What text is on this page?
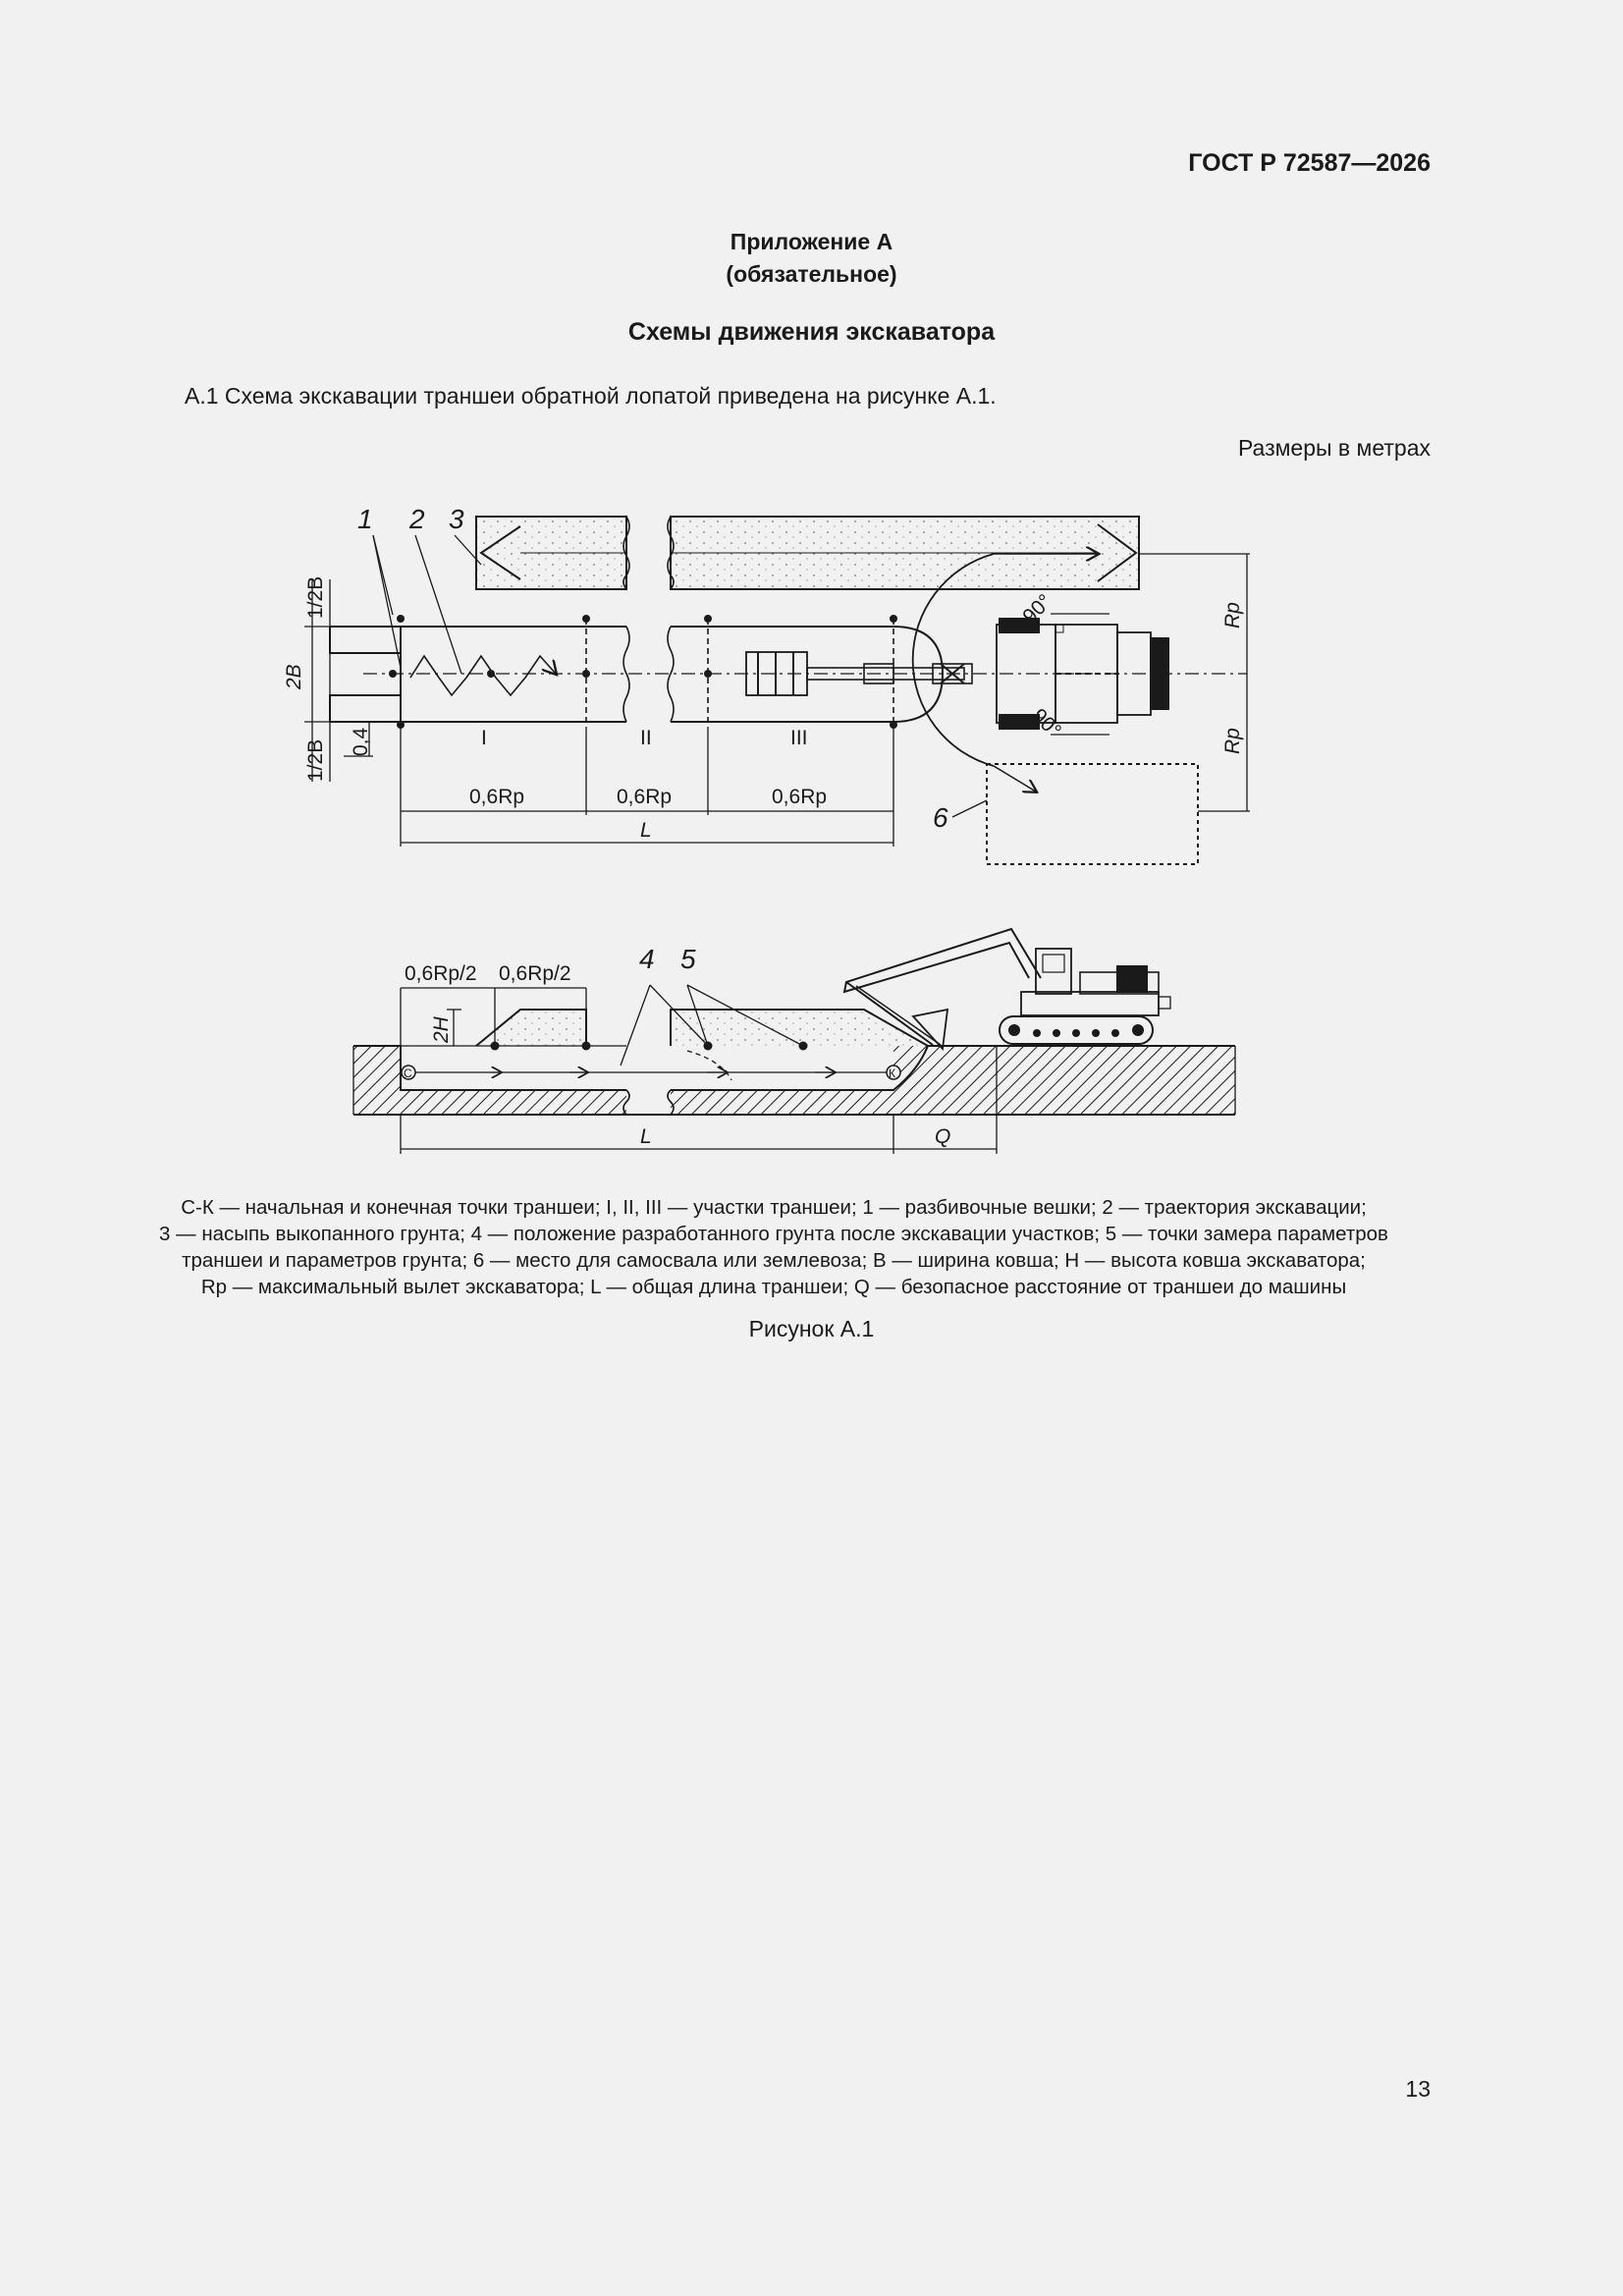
ГОСТ Р 72587—2026
Приложение А
(обязательное)
Схемы движения экскаватора
А.1 Схема экскавации траншеи обратной лопатой приведена на рисунке А.1.
Размеры в метрах
1 2 3
6
1/2B
2B
1/2B 0,4	I	II	III
0,6Rp	0,6Rp	0,6Rp
L
Rp
Rp
90°
90°
0,6Rp/2 0,6Rp/2
2H
4 5
С	К
L	Q
С-К — начальная и конечная точки траншеи; I, II, III — участки траншеи; 1 — разбивочные вешки; 2 — траектория экскавации;
3 — насыпь выкопанного грунта; 4 — положение разработанного грунта после экскавации участков; 5 — точки замера параметров
траншеи и параметров грунта; 6 — место для самосвала или землевоза; B — ширина ковша; H — высота ковша экскаватора;
Rp — максимальный вылет экскаватора; L — общая длина траншеи; Q — безопасное расстояние от траншеи до машины
Рисунок А.1
13
